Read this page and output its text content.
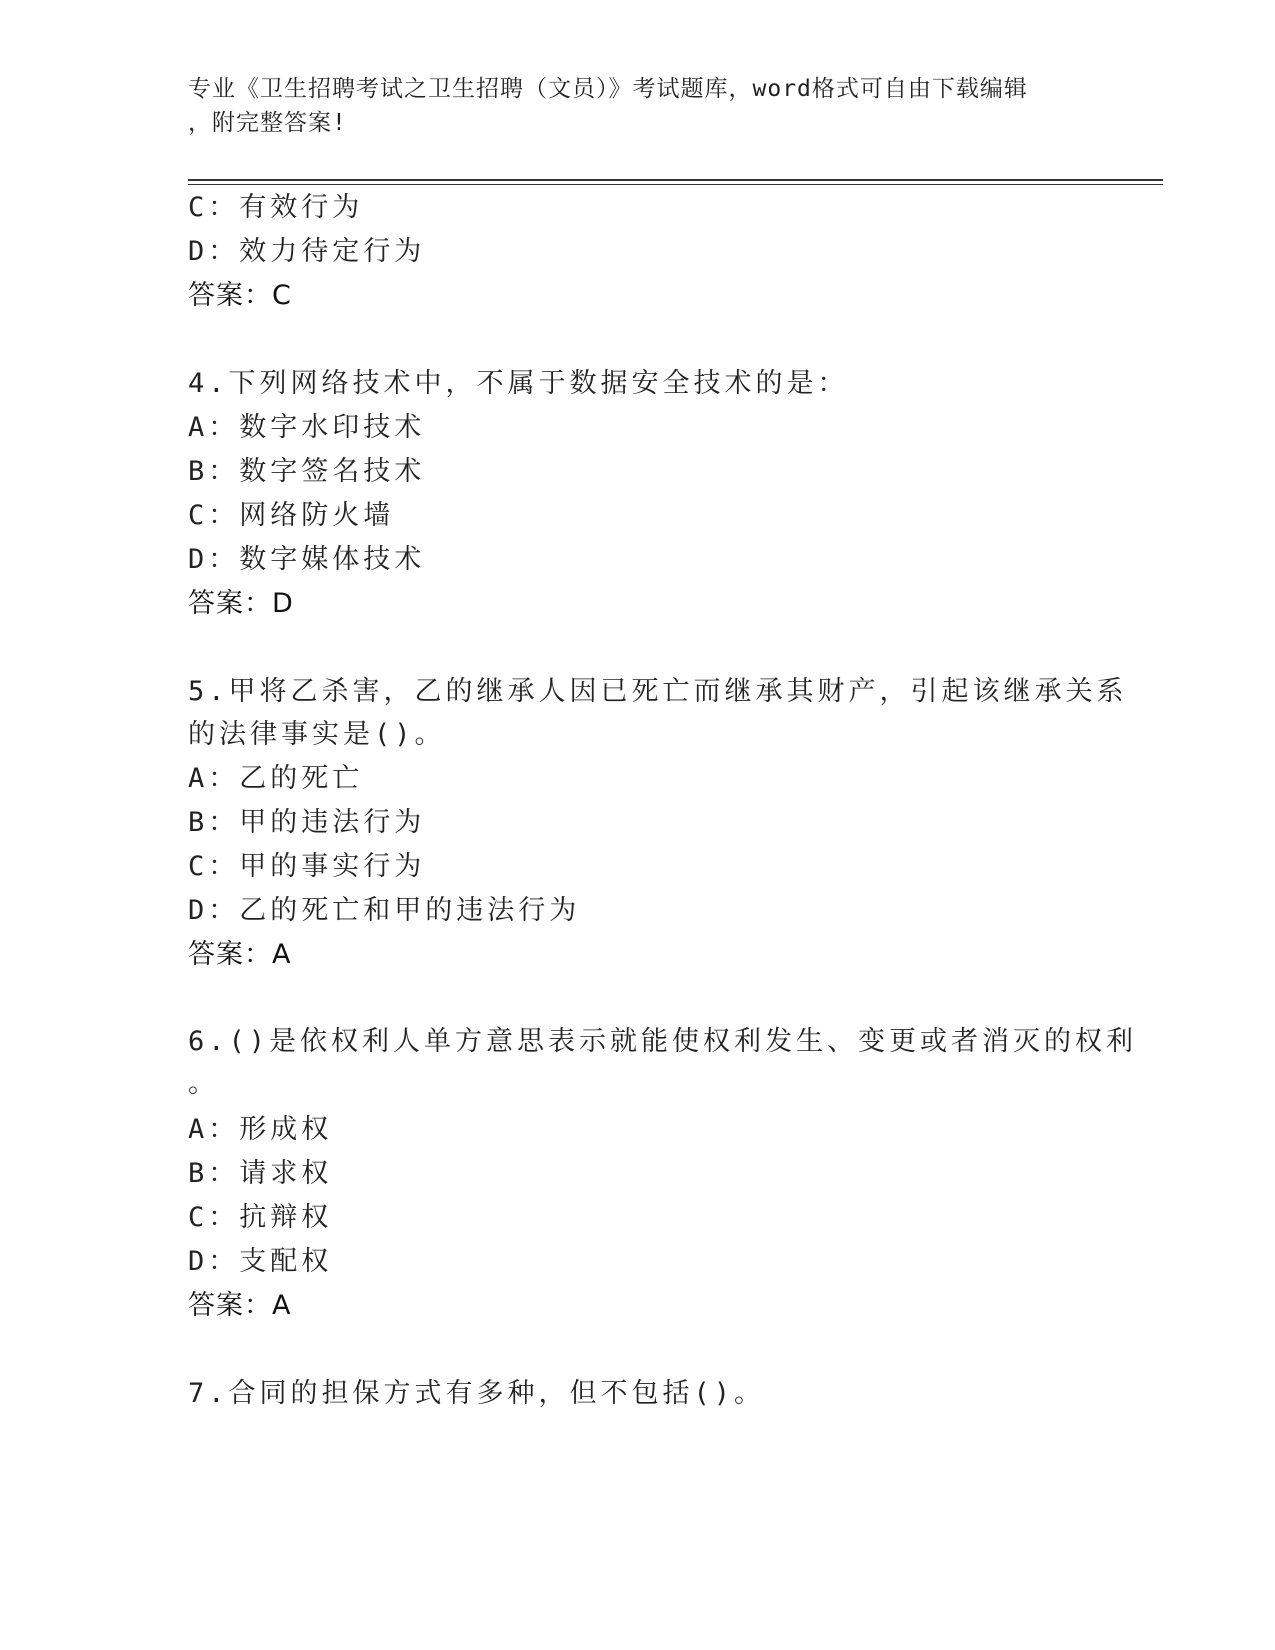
专业《卫生招聘考试之卫生招聘（文员）》考试题库，word格式可自由下载编辑
，附完整答案!
C：有效行为
D：效力待定行为
答案：C
4.下列网络技术中，不属于数据安全技术的是：
A：数字水印技术
B：数字签名技术
C：网络防火墙
D：数字媒体技术
答案：D
5.甲将乙杀害，乙的继承人因已死亡而继承其财产，引起该继承关系
的法律事实是()。
A：乙的死亡
B：甲的违法行为
C：甲的事实行为
D：乙的死亡和甲的违法行为
答案：A
6.()是依权利人单方意思表示就能使权利发生、变更或者消灭的权利
。
A：形成权
B：请求权
C：抗辩权
D：支配权
答案：A
7.合同的担保方式有多种，但不包括()。
